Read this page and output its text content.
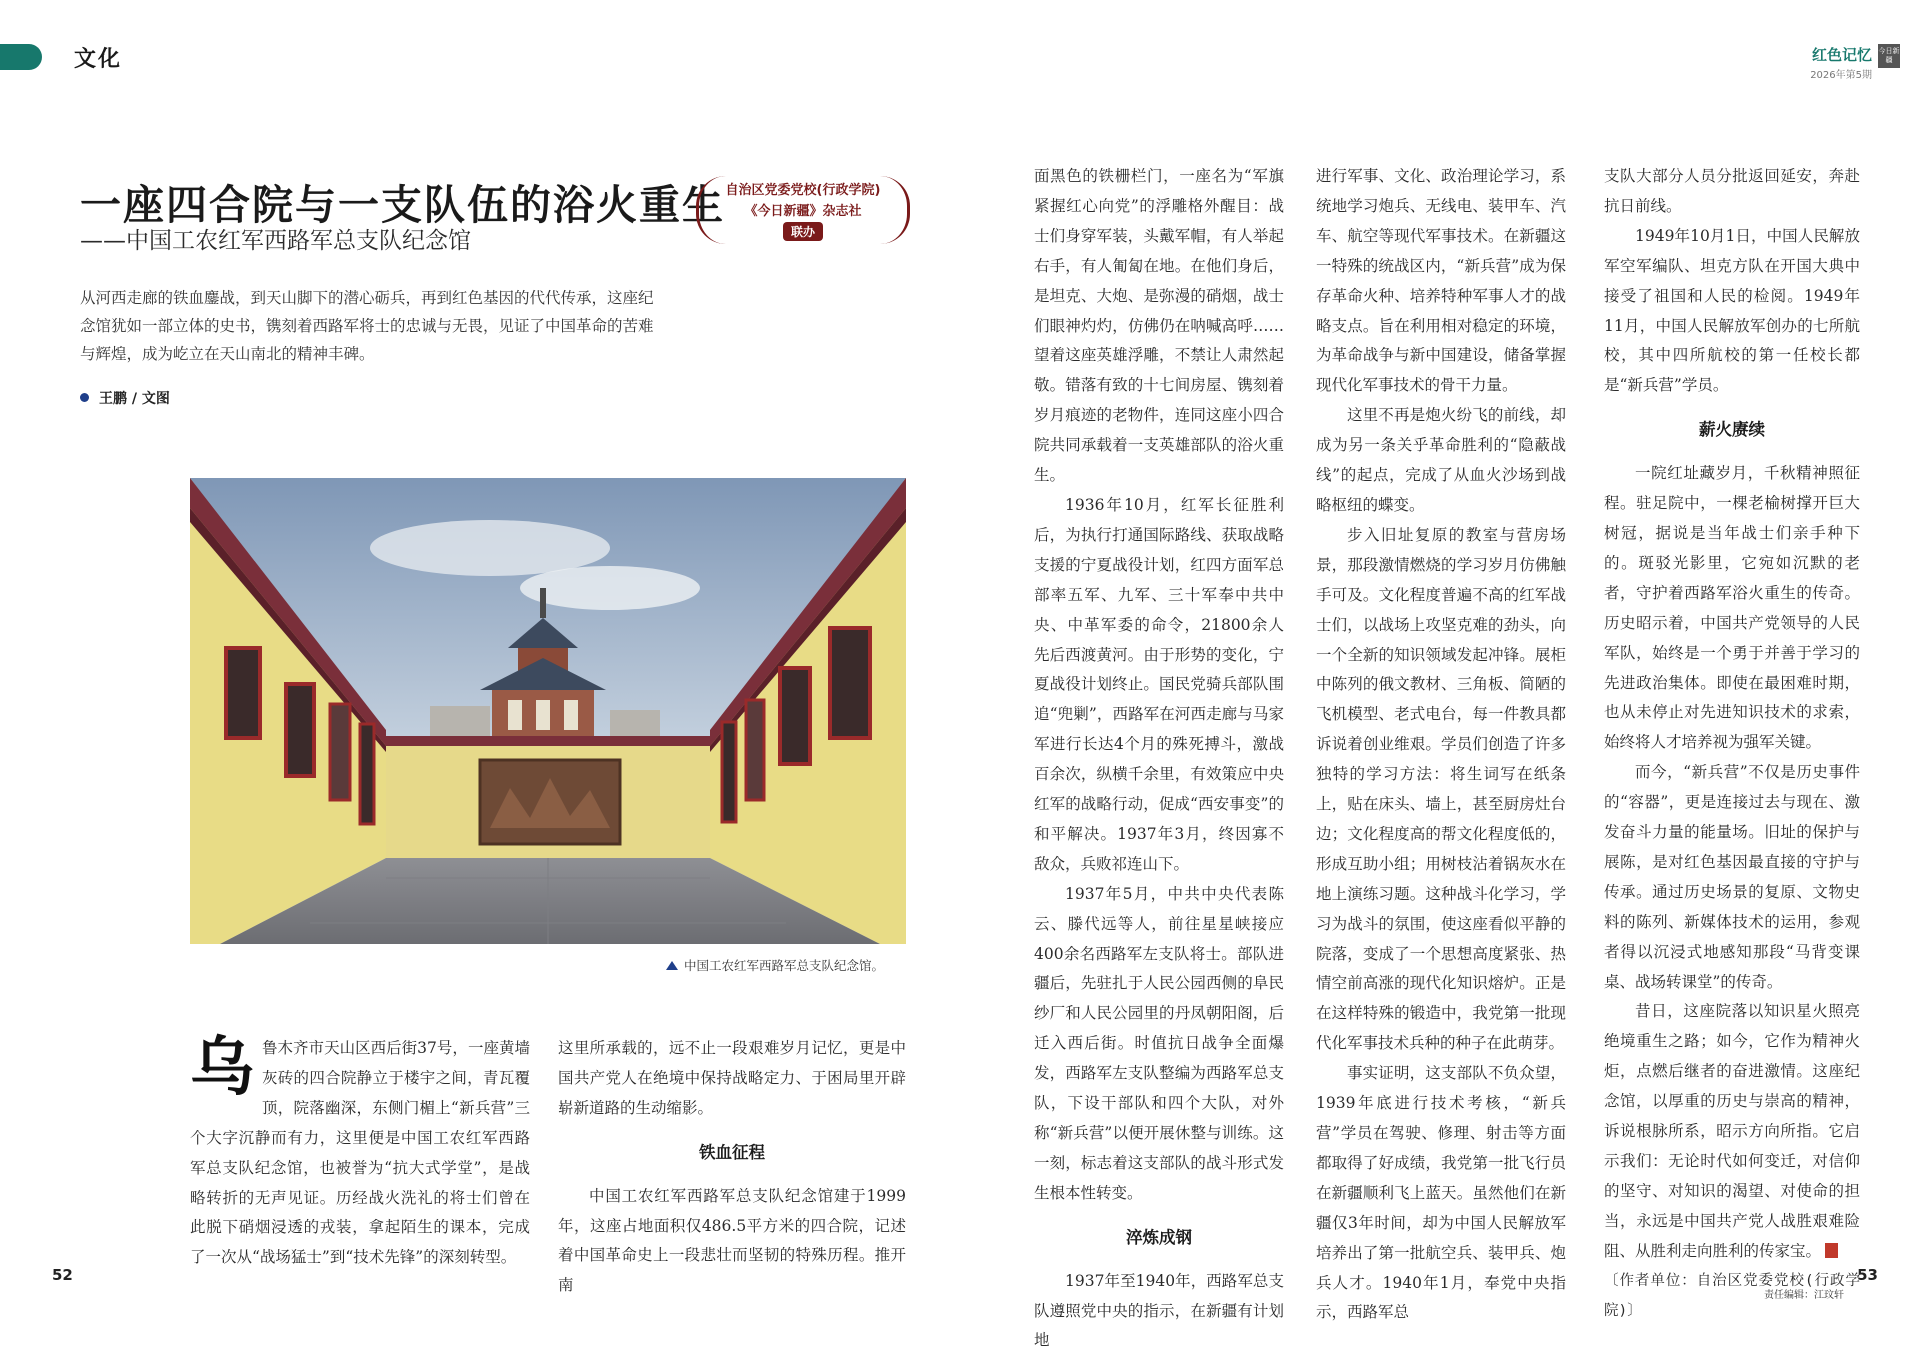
文化	红色记忆
2026年第5期
今日新疆
一座四合院与一支队伍的浴火重生
——中国工农红军西路军总支队纪念馆
自治区党委党校(行政学院)
《今日新疆》杂志社
联办
从河西走廊的铁血鏖战，到天山脚下的潜心砺兵，再到红色基因的代代传承，这座纪念馆犹如一部立体的史书，镌刻着西路军将士的忠诚与无畏，见证了中国革命的苦难与辉煌，成为屹立在天山南北的精神丰碑。
王鹏 / 文图
中国工农红军西路军总支队纪念馆。
乌 鲁木齐市天山区西后街37号，一座黄墙灰砖的四合院静立于楼宇之间，青瓦覆顶，院落幽深，东侧门楣上“新兵营”三个大字沉静而有力，这里便是中国工农红军西路军总支队纪念馆，也被誉为“抗大式学堂”，是战略转折的无声见证。历经战火洗礼的将士们曾在此脱下硝烟浸透的戎装，拿起陌生的课本，完成了一次从“战场猛士”到“技术先锋”的深刻转型。

这里所承载的，远不止一段艰难岁月记忆，更是中国共产党人在绝境中保持战略定力、于困局里开辟崭新道路的生动缩影。

铁血征程

中国工农红军西路军总支队纪念馆建于1999年，这座占地面积仅486.5平方米的四合院，记述着中国革命史上一段悲壮而坚韧的特殊历程。推开南

面黑色的铁栅栏门，一座名为“军旗紧握红心向党”的浮雕格外醒目：战士们身穿军装，头戴军帽，有人举起右手，有人匍匐在地。在他们身后，是坦克、大炮、是弥漫的硝烟，战士们眼神灼灼，仿佛仍在呐喊高呼……望着这座英雄浮雕，不禁让人肃然起敬。错落有致的十七间房屋、镌刻着岁月痕迹的老物件，连同这座小四合院共同承载着一支英雄部队的浴火重生。

1936年10月，红军长征胜利后，为执行打通国际路线、获取战略支援的宁夏战役计划，红四方面军总部率五军、九军、三十军奉中共中央、中革军委的命令，21800余人先后西渡黄河。由于形势的变化，宁夏战役计划终止。国民党骑兵部队围追“兜剿”，西路军在河西走廊与马家军进行长达4个月的殊死搏斗，激战百余次，纵横千余里，有效策应中央红军的战略行动，促成“西安事变”的和平解决。1937年3月，终因寡不敌众，兵败祁连山下。

1937年5月，中共中央代表陈云、滕代远等人，前往星星峡接应400余名西路军左支队将士。部队进疆后，先驻扎于人民公园西侧的阜民纱厂和人民公园里的丹凤朝阳阁，后迁入西后街。时值抗日战争全面爆发，西路军左支队整编为西路军总支队，下设干部队和四个大队，对外称“新兵营”以便开展休整与训练。这一刻，标志着这支部队的战斗形式发生根本性转变。

淬炼成钢

1937年至1940年，西路军总支队遵照党中央的指示，在新疆有计划地

进行军事、文化、政治理论学习，系统地学习炮兵、无线电、装甲车、汽车、航空等现代军事技术。在新疆这一特殊的统战区内，“新兵营”成为保存革命火种、培养特种军事人才的战略支点。旨在利用相对稳定的环境，为革命战争与新中国建设，储备掌握现代化军事技术的骨干力量。

这里不再是炮火纷飞的前线，却成为另一条关乎革命胜利的“隐蔽战线”的起点，完成了从血火沙场到战略枢纽的蝶变。

步入旧址复原的教室与营房场景，那段激情燃烧的学习岁月仿佛触手可及。文化程度普遍不高的红军战士们，以战场上攻坚克难的劲头，向一个全新的知识领域发起冲锋。展柜中陈列的俄文教材、三角板、简陋的飞机模型、老式电台，每一件教具都诉说着创业维艰。学员们创造了许多独特的学习方法：将生词写在纸条上，贴在床头、墙上，甚至厨房灶台边；文化程度高的帮文化程度低的，形成互助小组；用树枝沾着锅灰水在地上演练习题。这种战斗化学习，学习为战斗的氛围，使这座看似平静的院落，变成了一个思想高度紧张、热情空前高涨的现代化知识熔炉。正是在这样特殊的锻造中，我党第一批现代化军事技术兵种的种子在此萌芽。

事实证明，这支部队不负众望，1939年底进行技术考核，“新兵营”学员在驾驶、修理、射击等方面都取得了好成绩，我党第一批飞行员在新疆顺利飞上蓝天。虽然他们在新疆仅3年时间，却为中国人民解放军培养出了第一批航空兵、装甲兵、炮兵人才。1940年1月，奉党中央指示，西路军总

支队大部分人员分批返回延安，奔赴抗日前线。

1949年10月1日，中国人民解放军空军编队、坦克方队在开国大典中接受了祖国和人民的检阅。1949年11月，中国人民解放军创办的七所航校，其中四所航校的第一任校长都是“新兵营”学员。

薪火赓续

一院红址藏岁月，千秋精神照征程。驻足院中，一棵老榆树撑开巨大树冠，据说是当年战士们亲手种下的。斑驳光影里，它宛如沉默的老者，守护着西路军浴火重生的传奇。历史昭示着，中国共产党领导的人民军队，始终是一个勇于并善于学习的先进政治集体。即使在最困难时期，也从未停止对先进知识技术的求索，始终将人才培养视为强军关键。

而今，“新兵营”不仅是历史事件的“容器”，更是连接过去与现在、激发奋斗力量的能量场。旧址的保护与展陈，是对红色基因最直接的守护与传承。通过历史场景的复原、文物史料的陈列、新媒体技术的运用，参观者得以沉浸式地感知那段“马背变课桌、战场转课堂”的传奇。

昔日，这座院落以知识星火照亮绝境重生之路；如今，它作为精神火炬，点燃后继者的奋进激情。这座纪念馆，以厚重的历史与崇高的精神，诉说根脉所系，昭示方向所指。它启示我们：无论时代如何变迁，对信仰的坚守、对知识的渴望、对使命的担当，永远是中国共产党人战胜艰难险阻、从胜利走向胜利的传家宝。

〔作者单位：自治区党委党校(行政学院)〕

52	53
责任编辑：江玟轩
